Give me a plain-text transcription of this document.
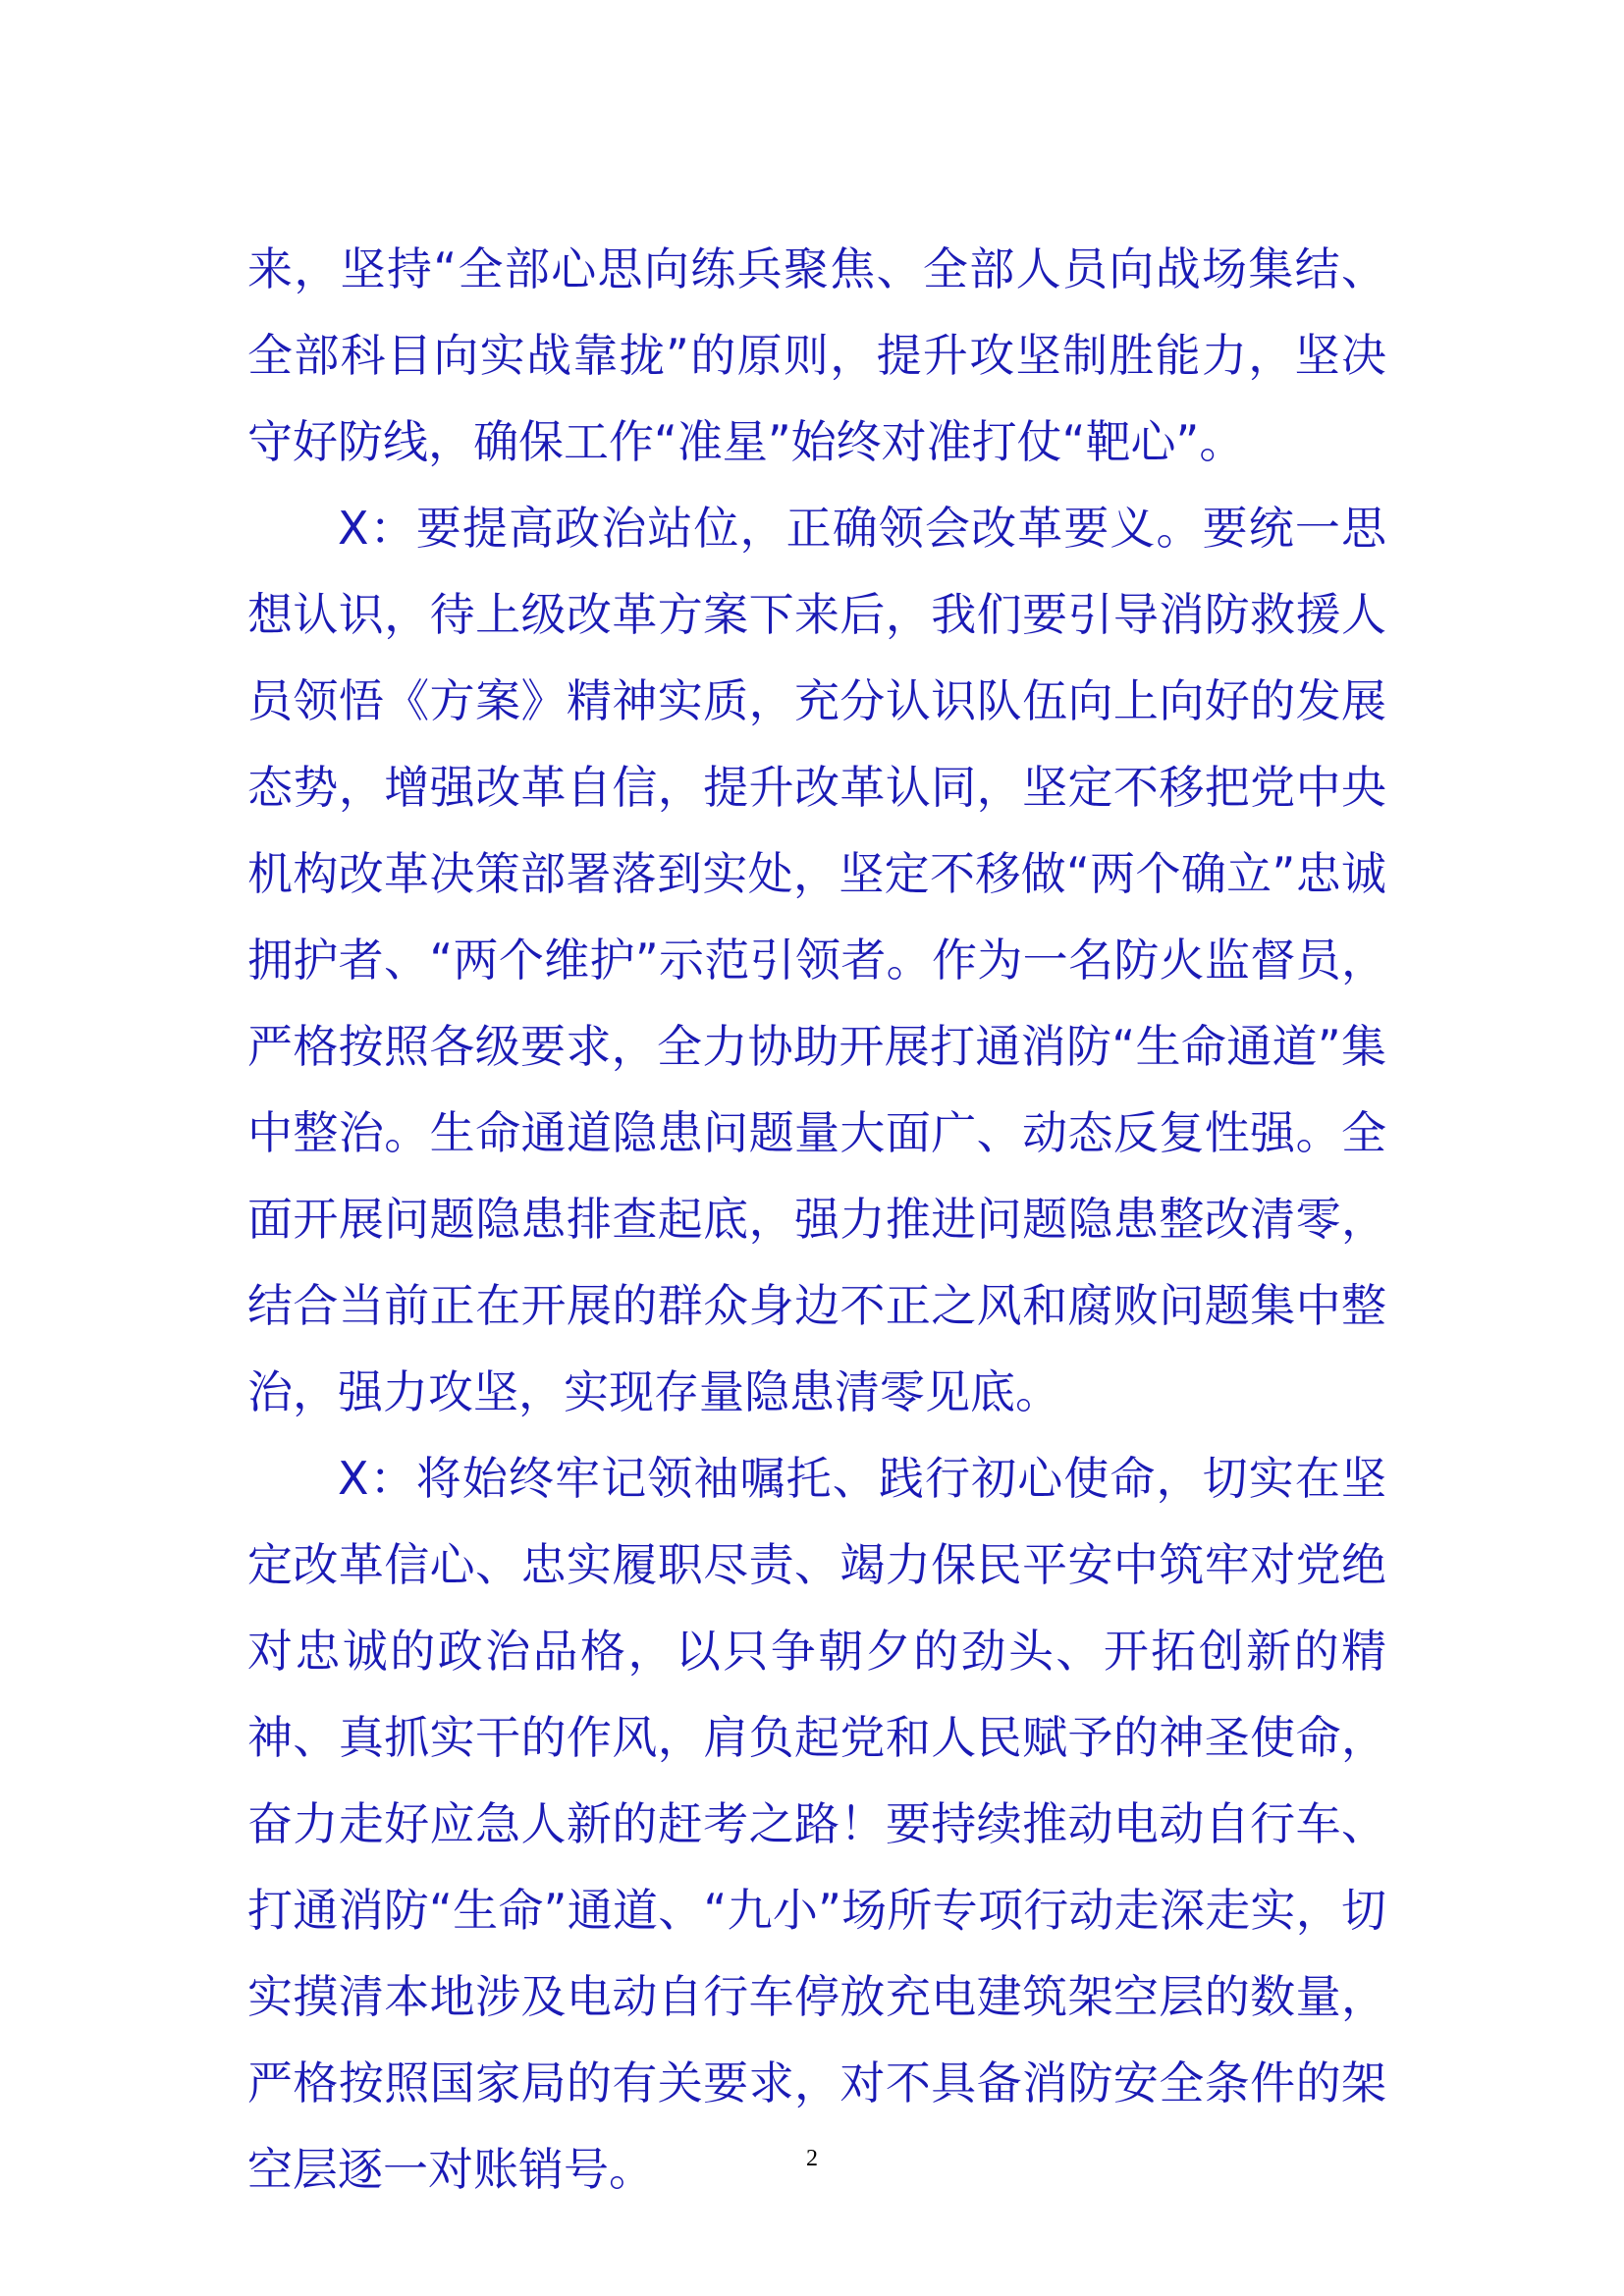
来，坚持“全部心思向练兵聚焦、全部人员向战场集结、全部科目向实战靠拢”的原则，提升攻坚制胜能力，坚决守好防线，确保工作“准星”始终对准打仗“靶心”。

X：要提高政治站位，正确领会改革要义。要统一思想认识，待上级改革方案下来后，我们要引导消防救援人员领悟《方案》精神实质，充分认识队伍向上向好的发展态势，增强改革自信，提升改革认同，坚定不移把党中央机构改革决策部署落到实处，坚定不移做“两个确立”忠诚拥护者、“两个维护”示范引领者。作为一名防火监督员，严格按照各级要求，全力协助开展打通消防“生命通道”集中整治。生命通道隐患问题量大面广、动态反复性强。全面开展问题隐患排查起底，强力推进问题隐患整改清零，结合当前正在开展的群众身边不正之风和腐败问题集中整治，强力攻坚，实现存量隐患清零见底。

X：将始终牢记领袖嘱托、践行初心使命，切实在坚定改革信心、忠实履职尽责、竭力保民平安中筑牢对党绝对忠诚的政治品格，以只争朝夕的劲头、开拓创新的精神、真抓实干的作风，肩负起党和人民赋予的神圣使命，奋力走好应急人新的赶考之路！要持续推动电动自行车、打通消防“生命”通道、“九小”场所专项行动走深走实，切实摸清本地涉及电动自行车停放充电建筑架空层的数量，严格按照国家局的有关要求，对不具备消防安全条件的架空层逐一对账销号。	2
